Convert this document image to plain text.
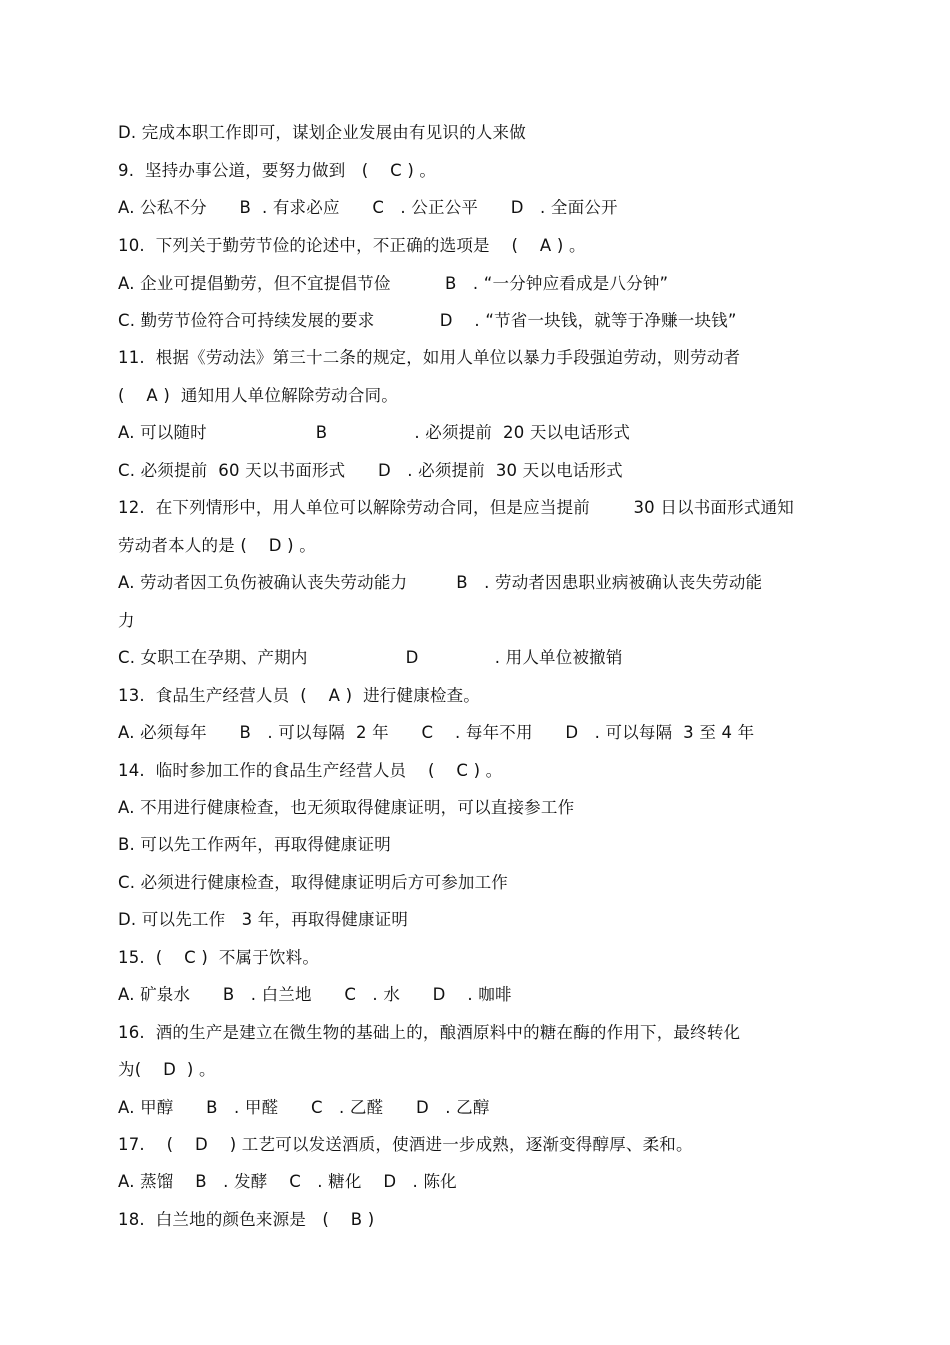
D. 完成本职工作即可，谋划企业发展由有见识的人来做
9.  坚持办事公道，要努力做到   (    C ) 。
A. 公私不分      B  . 有求必应      C   . 公正公平      D   . 全面公开
10.  下列关于勤劳节俭的论述中，不正确的选项是    (    A ) 。
A. 企业可提倡勤劳，但不宜提倡节俭          B   . “一分钟应看成是八分钟”
C. 勤劳节俭符合可持续发展的要求            D    . “节省一块钱，就等于净赚一块钱”
11.  根据《劳动法》第三十二条的规定，如用人单位以暴力手段强迫劳动，则劳动者
(    A )  通知用人单位解除劳动合同。
A. 可以随时                    B                . 必须提前  20 天以电话形式
C. 必须提前  60 天以书面形式      D   . 必须提前  30 天以电话形式
12.  在下列情形中，用人单位可以解除劳动合同，但是应当提前        30 日以书面形式通知
劳动者本人的是 (    D ) 。
A. 劳动者因工负伤被确认丧失劳动能力         B   . 劳动者因患职业病被确认丧失劳动能
力
C. 女职工在孕期、产期内                  D              . 用人单位被撤销
13.  食品生产经营人员  (    A )  进行健康检查。
A. 必须每年      B   . 可以每隔  2 年      C    . 每年不用      D   . 可以每隔  3 至 4 年
14.  临时参加工作的食品生产经营人员    (    C ) 。
A. 不用进行健康检查，也无须取得健康证明，可以直接参工作
B. 可以先工作两年，再取得健康证明
C. 必须进行健康检查，取得健康证明后方可参加工作
D. 可以先工作   3 年，再取得健康证明
15.  (    C )  不属于饮料。
A. 矿泉水      B   . 白兰地      C   . 水      D    . 咖啡
16.  酒的生产是建立在微生物的基础上的，酿酒原料中的糖在酶的作用下，最终转化
为(    D  ) 。
A. 甲醇      B   . 甲醛      C   . 乙醛      D   . 乙醇
17.    (    D    ) 工艺可以发送酒质，使酒进一步成熟，逐渐变得醇厚、柔和。
A. 蒸馏    B   . 发酵    C   . 糖化    D   . 陈化
18.  白兰地的颜色来源是   (    B )
